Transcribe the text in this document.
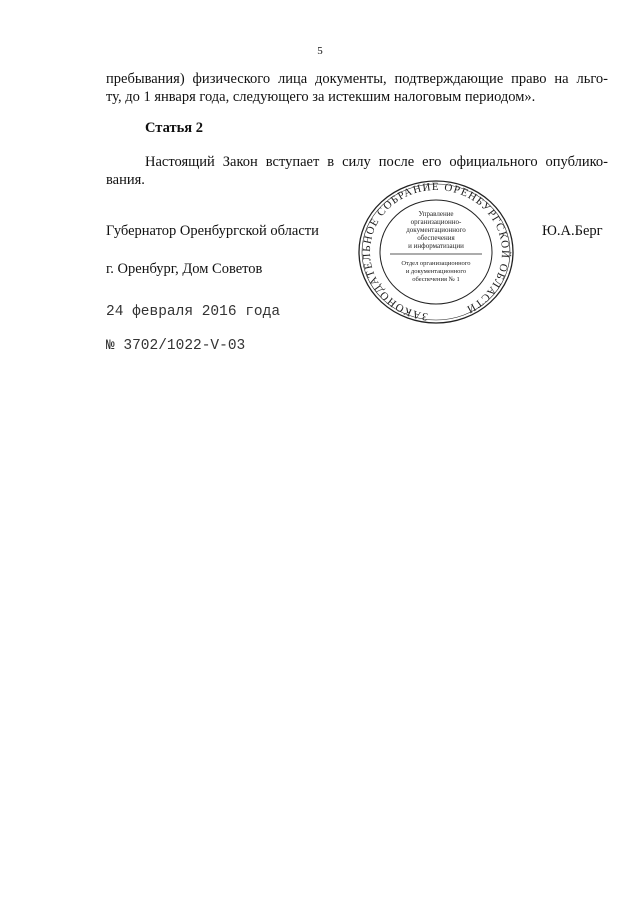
5

пребывания) физического лица документы, подтверждающие право на льго-
ту, до 1 января года, следующего за истекшим налоговым периодом».

Статья 2

Настоящий Закон вступает в силу после его официального опублико-
вания.

Губернатор Оренбургской области	Ю.А.Берг
г. Оренбург, Дом Советов
24 февраля 2016 года
№ 3702/1022-V-03
ЗАКОНОДАТЕЛЬНОЕ СОБРАНИЕ ОРЕНБУРГСКОЙ ОБЛАСТИ
Управление
организационно-
документационного
обеспечения
и информатизации
Отдел организационного
и документационного
обеспечения № 1
